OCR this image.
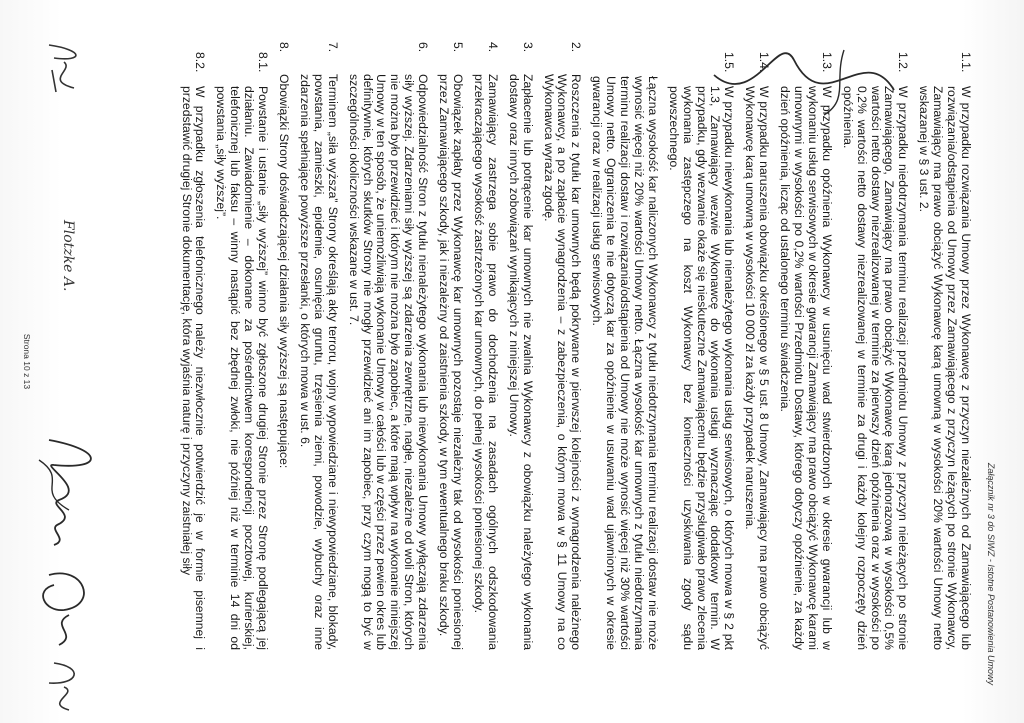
Załącznik nr 3 do SIWZ - Istotne Postanowienia Umowy
1.1.
W przypadku rozwiązania Umowy przez Wykonawcę z przyczyn niezależnych od Zamawiającego lub rozwiązania/odstąpienia od Umowy przez Zamawiającego z przyczyn leżących po stronie Wykonawcy, Zamawiający ma prawo obciążyć Wykonawcę karą umowną w wysokości 20% wartości Umowy netto wskazanej w § 3 ust. 2.
1.2.
W przypadku niedotrzymania terminu realizacji przedmiotu Umowy z przyczyn nieleżących po stronie Zamawiającego, Zamawiający ma prawo obciążyć Wykonawcę karą jednorazową w wysokości 0,5% wartości netto dostawy niezrealizowanej w terminie za pierwszy dzień opóźnienia oraz w wysokości po 0,2% wartości netto dostawy niezrealizowanej w terminie za drugi i każdy kolejny rozpoczęty dzień opóźnienia.
1.3.
W przypadku opóźnienia Wykonawcy w usunięciu wad stwierdzonych w okresie gwarancji lub w wykonaniu usług serwisowych w okresie gwarancji Zamawiający ma prawo obciążyć Wykonawcę karami umownymi w wysokości po 0,2% wartości Przedmiotu Dostawy, którego dotyczy opóźnienie, za każdy dzień opóźnienia, licząc od ustalonego terminu świadczenia.
1.4.
W przypadku naruszenia obowiązku określonego w § 5 ust. 8 Umowy, Zamawiający ma prawo obciążyć Wykonawcę karą umowną w wysokości 10 000 zł za każdy przypadek naruszenia.
1.5.
W przypadku niewykonania lub nienależytego wykonania usług serwisowych, o których mowa w § 2 pkt 1.3, Zamawiający wezwie Wykonawcę do wykonania usługi wyznaczając dodatkowy termin. W przypadku, gdy wezwanie okaże się nieskuteczne Zamawiającemu będzie przysługiwało prawo zlecenia wykonania zastępczego na koszt Wykonawcy bez konieczności uzyskiwania zgody sądu powszechnego.
Łączna wysokość kar naliczonych Wykonawcy z tytułu niedotrzymania terminu realizacji dostaw nie może wynosić więcej niż 20% wartości Umowy netto. Łączna wysokość kar umownych z tytułu niedotrzymania terminu realizacji dostaw i rozwiązania/odstąpienia od Umowy nie może wynosić więcej niż 30% wartości Umowy netto. Ograniczenia te nie dotyczą kar za opóźnienie w usuwaniu wad ujawnionych w okresie gwarancji oraz w realizacji usług serwisowych.
2.
Roszczenia z tytułu kar umownych będą pokrywane w pierwszej kolejności z wynagrodzenia należnego Wykonawcy, a po zapłacie wynagrodzenia – z zabezpieczenia, o którym mowa w § 11 Umowy na co Wykonawca wyraża zgodę.
3.
Zapłacenie lub potrącenie kar umownych nie zwalnia Wykonawcy z obowiązku należytego wykonania dostawy oraz innych zobowiązań wynikających z niniejszej Umowy.
4.
Zamawiający zastrzega sobie prawo do dochodzenia na zasadach ogólnych odszkodowania przekraczającego wysokość zastrzeżonych kar umownych, do pełnej wysokości poniesionej szkody.
5.
Obowiązek zapłaty przez Wykonawcę kar umownych pozostaje niezależny tak od wysokości poniesionej przez Zamawiającego szkody, jak i niezależny od zaistnienia szkody, w tym ewentualnego braku szkody.
6.
Odpowiedzialność Stron z tytułu nienależytego wykonania lub niewykonania Umowy wyłączają zdarzenia siły wyższej. Zdarzeniami siły wyższej są zdarzenia zewnętrzne, nagłe, niezależne od woli Stron, których nie można było przewidzieć i którym nie można było zapobiec, a które mają wpływ na wykonanie niniejszej Umowy w ten sposób, że uniemożliwiają wykonanie Umowy w całości lub w części przez pewien okres lub definitywnie, których skutków Strony nie mogły przewidzieć ani im zapobiec, przy czym mogą to być w szczególności okoliczności wskazane w ust. 7.
7.
Terminem „siła wyższa” Strony określają akty terroru, wojny wypowiedziane i niewypowiedziane, blokady, powstania, zamieszki, epidemie, osunięcia gruntu, trzęsienia ziemi, powodzie, wybuchy oraz inne zdarzenia spełniające powyższe przesłanki, o których mowa w ust. 6.
8.
Obowiązki Strony doświadczającej działania siły wyższej są następujące:
8.1.
Powstanie i ustanie „siły wyższej” winno być zgłoszone drugiej Stronie przez Stronę podlegającą jej działaniu. Zawiadomienie – dokonane za pośrednictwem korespondencji pocztowej, kurierskiej, telefonicznej lub faksu – winny nastąpić bez zbędnej zwłoki, nie później niż w terminie 14 dni od powstania „siły wyższej”.
8.2.
W przypadku zgłoszenia telefonicznego należy niezwłocznie potwierdzić je w formie pisemnej i przedstawić drugiej Stronie dokumentację, która wyjaśnia naturę i przyczyny zaistniałej siły
Strona 10 z 13
Flotzke A.
